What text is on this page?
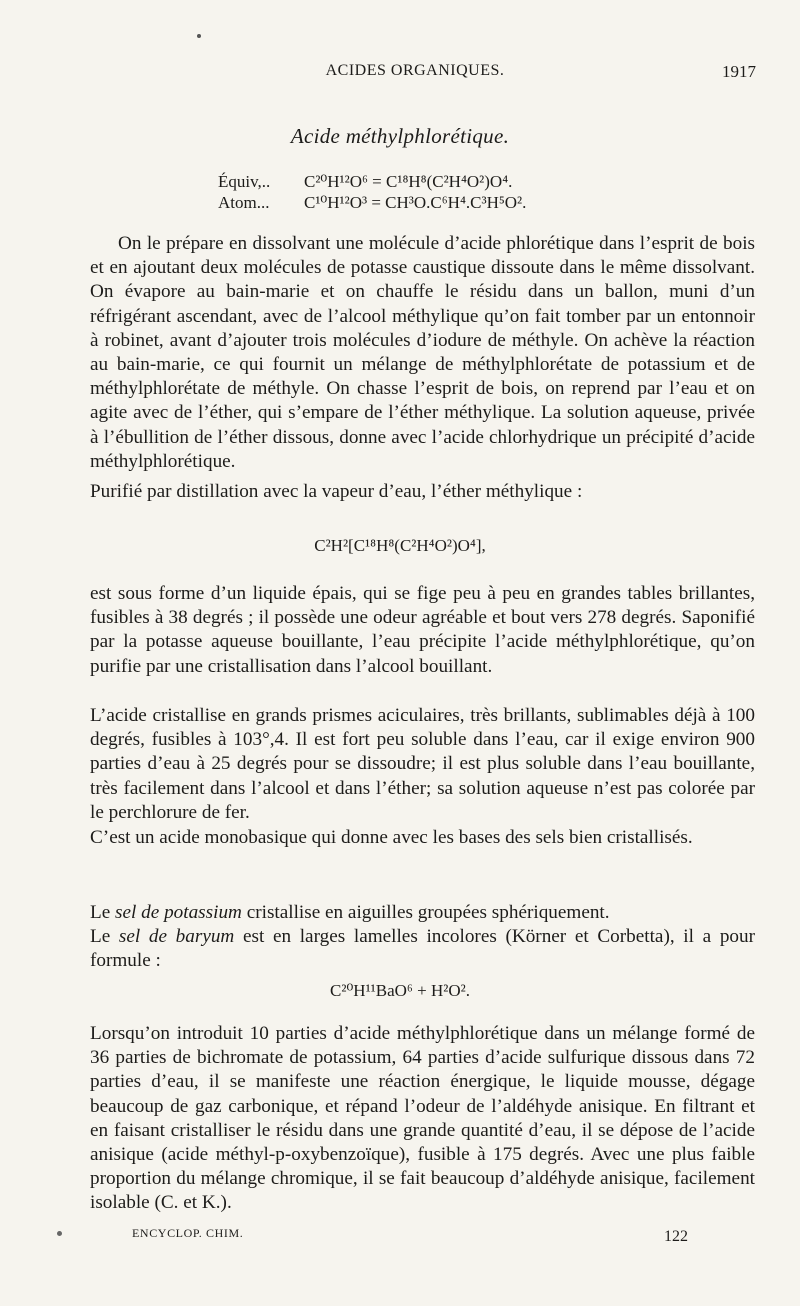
ACIDES ORGANIQUES.	1917
Acide méthylphlorétique.
Équiv,.. C²⁰H¹²O⁶ = C¹⁸H⁸(C²H⁴O²)O⁴.
Atom... C¹⁰H¹²O³ = CH³O.C⁶H⁴.C³H⁵O².

On le prépare en dissolvant une molécule d’acide phlorétique dans l’esprit de bois et en ajoutant deux molécules de potasse caustique dissoute dans le même dissolvant. On évapore au bain-marie et on chauffe le résidu dans un ballon, muni d’un réfrigérant ascendant, avec de l’alcool méthylique qu’on fait tomber par un entonnoir à robinet, avant d’ajouter trois molécules d’iodure de méthyle. On achève la réaction au bain-marie, ce qui fournit un mélange de méthylphlorétate de potassium et de méthylphlorétate de méthyle. On chasse l’esprit de bois, on reprend par l’eau et on agite avec de l’éther, qui s’empare de l’éther méthylique. La solution aqueuse, privée à l’ébullition de l’éther dissous, donne avec l’acide chlorhydrique un précipité d’acide méthylphlorétique.

Purifié par distillation avec la vapeur d’eau, l’éther méthylique :

C²H²[C¹⁸H⁸(C²H⁴O²)O⁴],

est sous forme d’un liquide épais, qui se fige peu à peu en grandes tables brillantes, fusibles à 38 degrés ; il possède une odeur agréable et bout vers 278 degrés. Saponifié par la potasse aqueuse bouillante, l’eau précipite l’acide méthylphlorétique, qu’on purifie par une cristallisation dans l’alcool bouillant.

L’acide cristallise en grands prismes aciculaires, très brillants, sublimables déjà à 100 degrés, fusibles à 103°,4. Il est fort peu soluble dans l’eau, car il exige environ 900 parties d’eau à 25 degrés pour se dissoudre; il est plus soluble dans l’eau bouillante, très facilement dans l’alcool et dans l’éther; sa solution aqueuse n’est pas colorée par le perchlorure de fer.

C’est un acide monobasique qui donne avec les bases des sels bien cristallisés.

Le sel de potassium cristallise en aiguilles groupées sphériquement.

Le sel de baryum est en larges lamelles incolores (Körner et Corbetta), il a pour formule :

C²⁰H¹¹BaO⁶ + H²O².

Lorsqu’on introduit 10 parties d’acide méthylphlorétique dans un mélange formé de 36 parties de bichromate de potassium, 64 parties d’acide sulfurique dissous dans 72 parties d’eau, il se manifeste une réaction énergique, le liquide mousse, dégage beaucoup de gaz carbonique, et répand l’odeur de l’aldéhyde anisique. En filtrant et en faisant cristalliser le résidu dans une grande quantité d’eau, il se dépose de l’acide anisique (acide méthyl-p-oxybenzoïque), fusible à 175 degrés. Avec une plus faible proportion du mélange chromique, il se fait beaucoup d’aldéhyde anisique, facilement isolable (C. et K.).

ENCYCLOP. CHIM.	122
